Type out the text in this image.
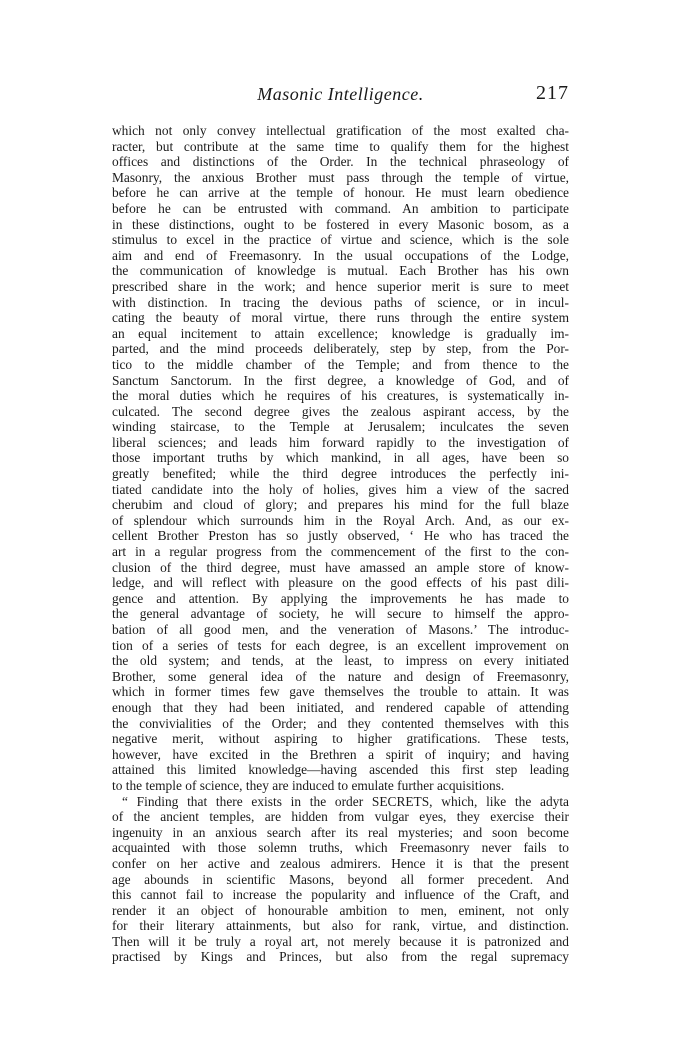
Masonic Intelligence.	217
which not only convey intellectual gratification of the most exalted cha-
racter, but contribute at the same time to qualify them for the highest
offices and distinctions of the Order. In the technical phraseology of
Masonry, the anxious Brother must pass through the temple of virtue,
before he can arrive at the temple of honour. He must learn obedience
before he can be entrusted with command. An ambition to participate
in these distinctions, ought to be fostered in every Masonic bosom, as a
stimulus to excel in the practice of virtue and science, which is the sole
aim and end of Freemasonry. In the usual occupations of the Lodge,
the communication of knowledge is mutual. Each Brother has his own
prescribed share in the work; and hence superior merit is sure to meet
with distinction. In tracing the devious paths of science, or in incul-
cating the beauty of moral virtue, there runs through the entire system
an equal incitement to attain excellence; knowledge is gradually im-
parted, and the mind proceeds deliberately, step by step, from the Por-
tico to the middle chamber of the Temple; and from thence to the
Sanctum Sanctorum. In the first degree, a knowledge of God, and of
the moral duties which he requires of his creatures, is systematically in-
culcated. The second degree gives the zealous aspirant access, by the
winding staircase, to the Temple at Jerusalem; inculcates the seven
liberal sciences; and leads him forward rapidly to the investigation of
those important truths by which mankind, in all ages, have been so
greatly benefited; while the third degree introduces the perfectly ini-
tiated candidate into the holy of holies, gives him a view of the sacred
cherubim and cloud of glory; and prepares his mind for the full blaze
of splendour which surrounds him in the Royal Arch. And, as our ex-
cellent Brother Preston has so justly observed, ‘ He who has traced the
art in a regular progress from the commencement of the first to the con-
clusion of the third degree, must have amassed an ample store of know-
ledge, and will reflect with pleasure on the good effects of his past dili-
gence and attention. By applying the improvements he has made to
the general advantage of society, he will secure to himself the appro-
bation of all good men, and the veneration of Masons.’ The introduc-
tion of a series of tests for each degree, is an excellent improvement on
the old system; and tends, at the least, to impress on every initiated
Brother, some general idea of the nature and design of Freemasonry,
which in former times few gave themselves the trouble to attain. It was
enough that they had been initiated, and rendered capable of attending
the convivialities of the Order; and they contented themselves with this
negative merit, without aspiring to higher gratifications. These tests,
however, have excited in the Brethren a spirit of inquiry; and having
attained this limited knowledge—having ascended this first step leading
to the temple of science, they are induced to emulate further acquisitions.
“ Finding that there exists in the order SECRETS, which, like the adyta
of the ancient temples, are hidden from vulgar eyes, they exercise their
ingenuity in an anxious search after its real mysteries; and soon become
acquainted with those solemn truths, which Freemasonry never fails to
confer on her active and zealous admirers. Hence it is that the present
age abounds in scientific Masons, beyond all former precedent. And
this cannot fail to increase the popularity and influence of the Craft, and
render it an object of honourable ambition to men, eminent, not only
for their literary attainments, but also for rank, virtue, and distinction.
Then will it be truly a royal art, not merely because it is patronized and
practised by Kings and Princes, but also from the regal supremacy
